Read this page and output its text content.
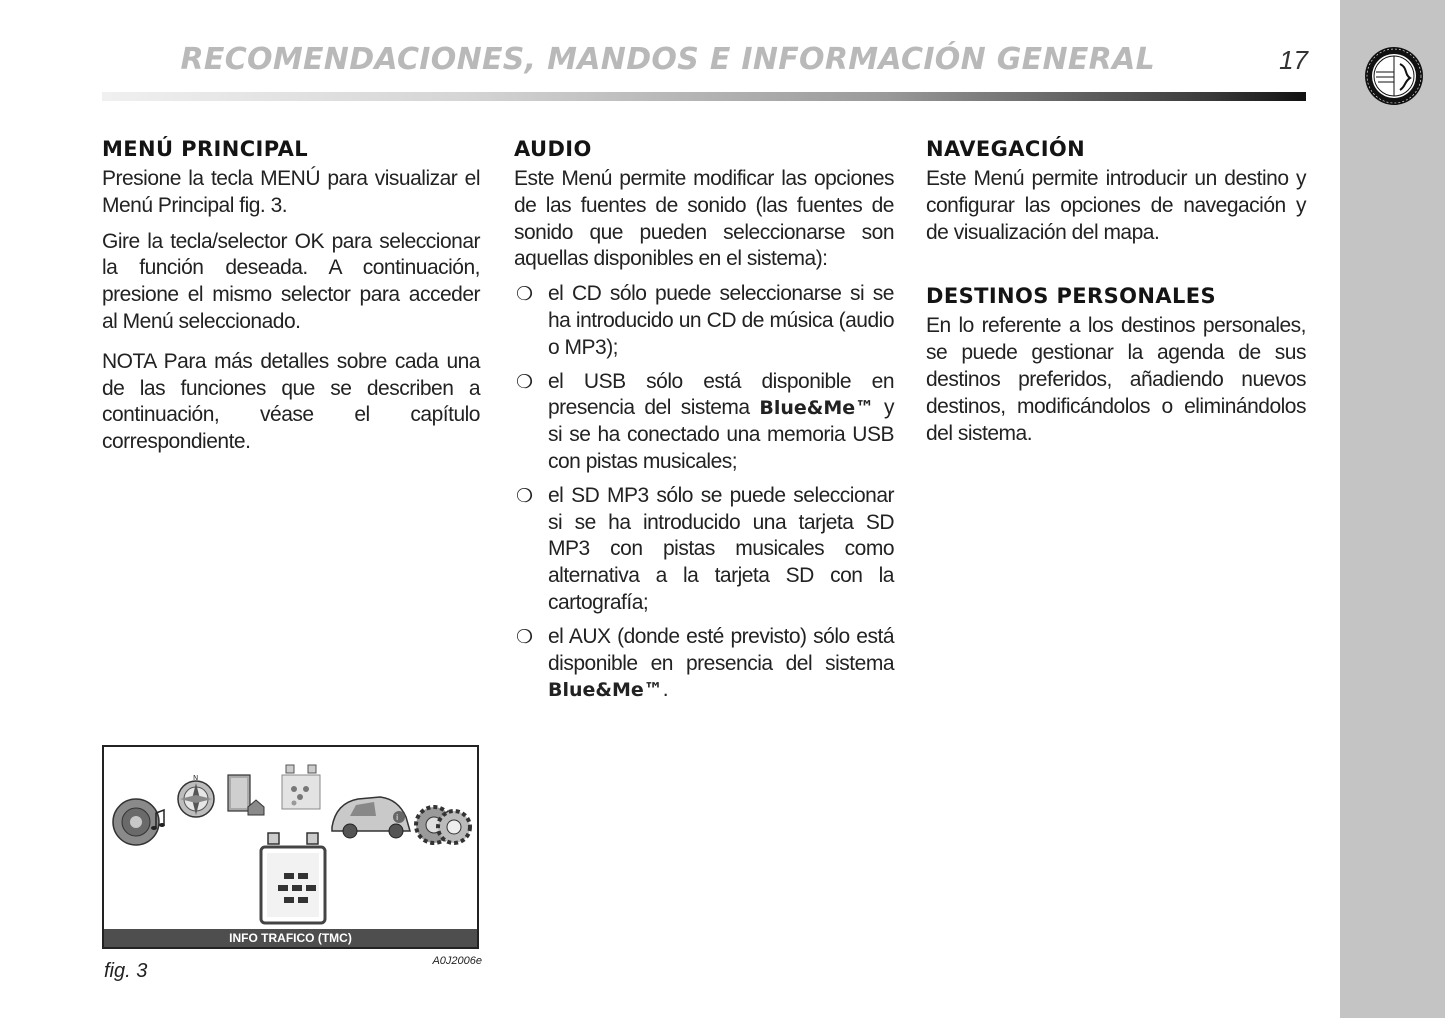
RECOMENDACIONES, MANDOS E INFORMACIÓN GENERAL	17
MENÚ PRINCIPAL

Presione la tecla MENÚ para visualizar el Menú Principal fig. 3.

Gire la tecla/selector OK para seleccionar la función deseada. A continuación, presione el mismo selector para acceder al Menú seleccionado.

NOTA Para más detalles sobre cada una de las funciones que se describen a continuación, véase el capítulo correspondiente.

AUDIO

Este Menú permite modificar las opciones de las fuentes de sonido (las fuentes de sonido que pueden seleccionarse son aquellas disponibles en el sistema):

❍ el CD sólo puede seleccionarse si se ha introducido un CD de música (audio o MP3);
❍ el USB sólo está disponible en presencia del sistema Blue&Me™ y si se ha conectado una memoria USB con pistas musicales;
❍ el SD MP3 sólo se puede seleccionar si se ha introducido una tarjeta SD MP3 con pistas musicales como alternativa a la tarjeta SD con la cartografía;
❍ el AUX (donde esté previsto) sólo está disponible en presencia del sistema Blue&Me™.
NAVEGACIÓN

Este Menú permite introducir un destino y configurar las opciones de navegación y de visualización del mapa.

DESTINOS PERSONALES

En lo referente a los destinos personales, se puede gestionar la agenda de sus destinos preferidos, añadiendo nuevos destinos, modificándolos o eliminándolos del sistema.

N
i
INFO TRAFICO (TMC)
fig. 3	A0J2006e
